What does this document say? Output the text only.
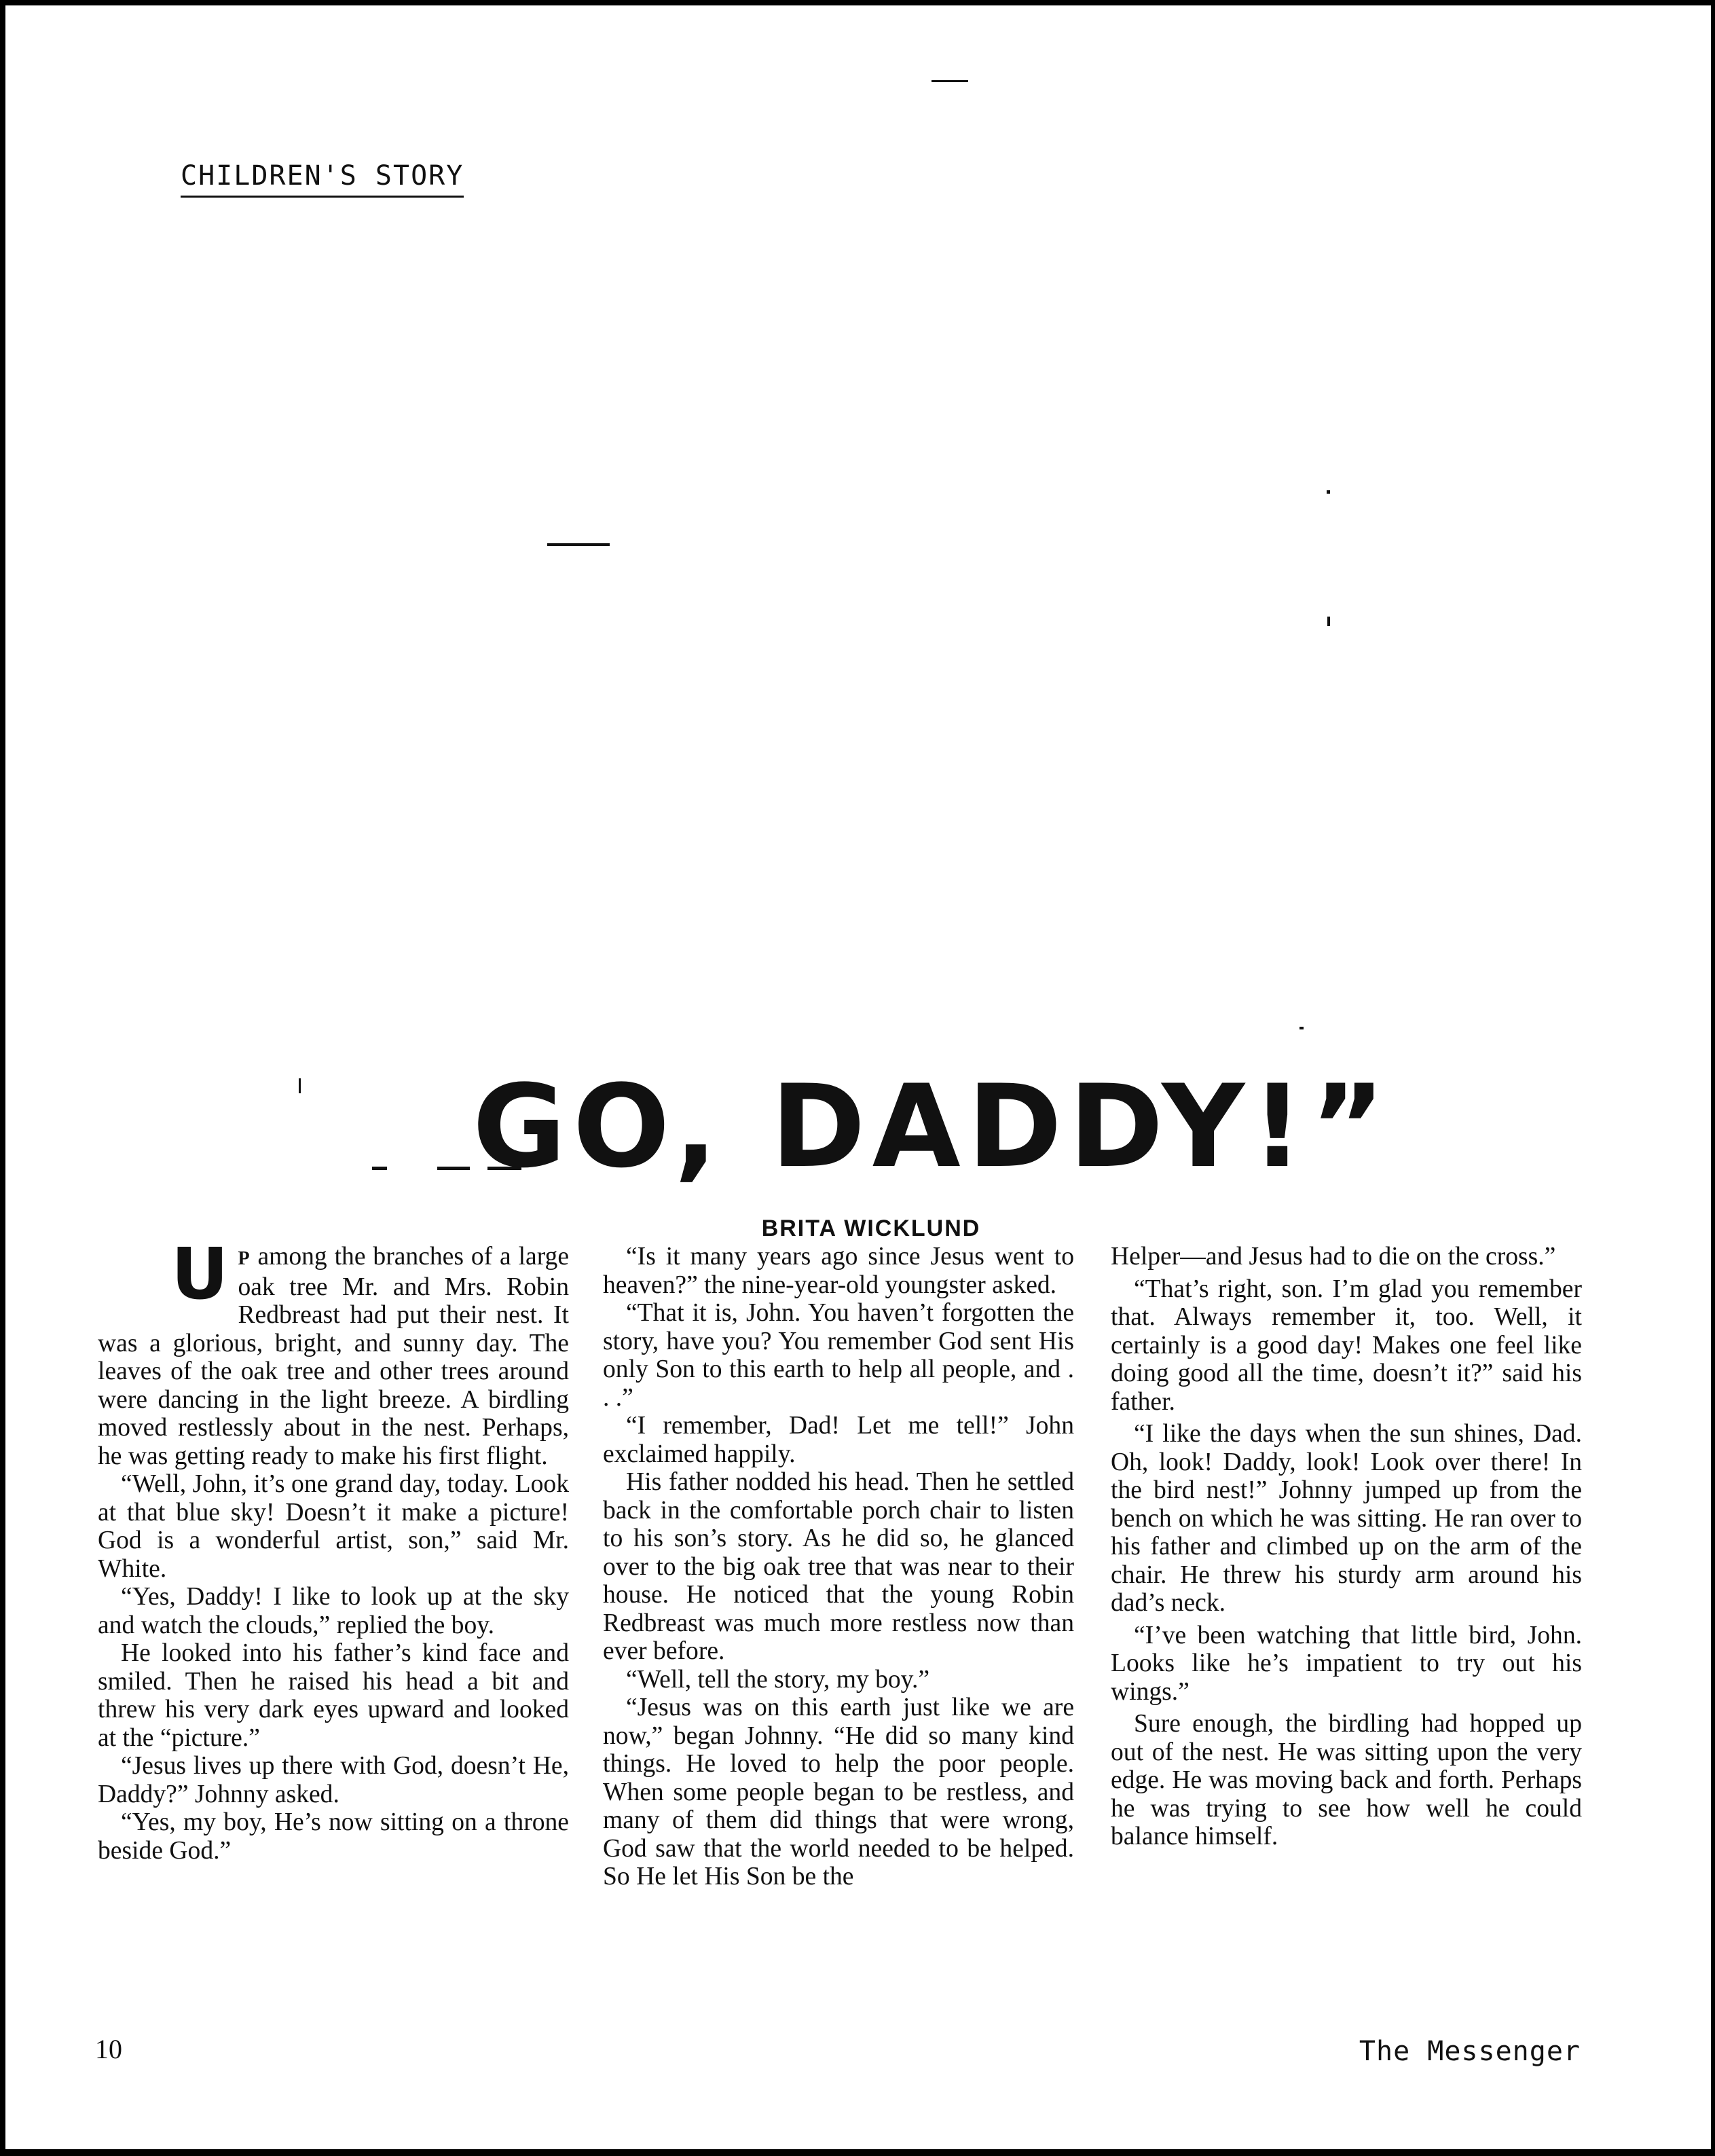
CHILDREN'S STORY
GO, DADDY!”
BRITA WICKLUND

U P among the branches of a large oak tree Mr. and Mrs. Robin Redbreast had put their nest. It was a glorious, bright, and sunny day. The leaves of the oak tree and other trees around were dancing in the light breeze. A birdling moved restlessly about in the nest. Perhaps, he was getting ready to make his first flight.

“Well, John, it’s one grand day, today. Look at that blue sky! Doesn’t it make a picture! God is a wonderful artist, son,” said Mr. White.

“Yes, Daddy! I like to look up at the sky and watch the clouds,” replied the boy.

He looked into his father’s kind face and smiled. Then he raised his head a bit and threw his very dark eyes upward and looked at the “picture.”

“Jesus lives up there with God, doesn’t He, Daddy?” Johnny asked.

“Yes, my boy, He’s now sitting on a throne beside God.”

“Is it many years ago since Jesus went to heaven?” the nine-year-old youngster asked.

“That it is, John. You haven’t forgotten the story, have you? You remember God sent His only Son to this earth to help all people, and . . .”

“I remember, Dad! Let me tell!” John exclaimed happily.

His father nodded his head. Then he settled back in the comfortable porch chair to listen to his son’s story. As he did so, he glanced over to the big oak tree that was near to their house. He noticed that the young Robin Redbreast was much more restless now than ever before.

“Well, tell the story, my boy.”

“Jesus was on this earth just like we are now,” began Johnny. “He did so many kind things. He loved to help the poor people. When some people began to be restless, and many of them did things that were wrong, God saw that the world needed to be helped. So He let His Son be the

Helper—and Jesus had to die on the cross.”

“That’s right, son. I’m glad you remember that. Always remember it, too. Well, it certainly is a good day! Makes one feel like doing good all the time, doesn’t it?” said his father.

“I like the days when the sun shines, Dad. Oh, look! Daddy, look! Look over there! In the bird nest!” Johnny jumped up from the bench on which he was sitting. He ran over to his father and climbed up on the arm of the chair. He threw his sturdy arm around his dad’s neck.

“I’ve been watching that little bird, John. Looks like he’s impatient to try out his wings.”

Sure enough, the birdling had hopped up out of the nest. He was sitting upon the very edge. He was moving back and forth. Perhaps he was trying to see how well he could balance himself.

10	The Messenger
